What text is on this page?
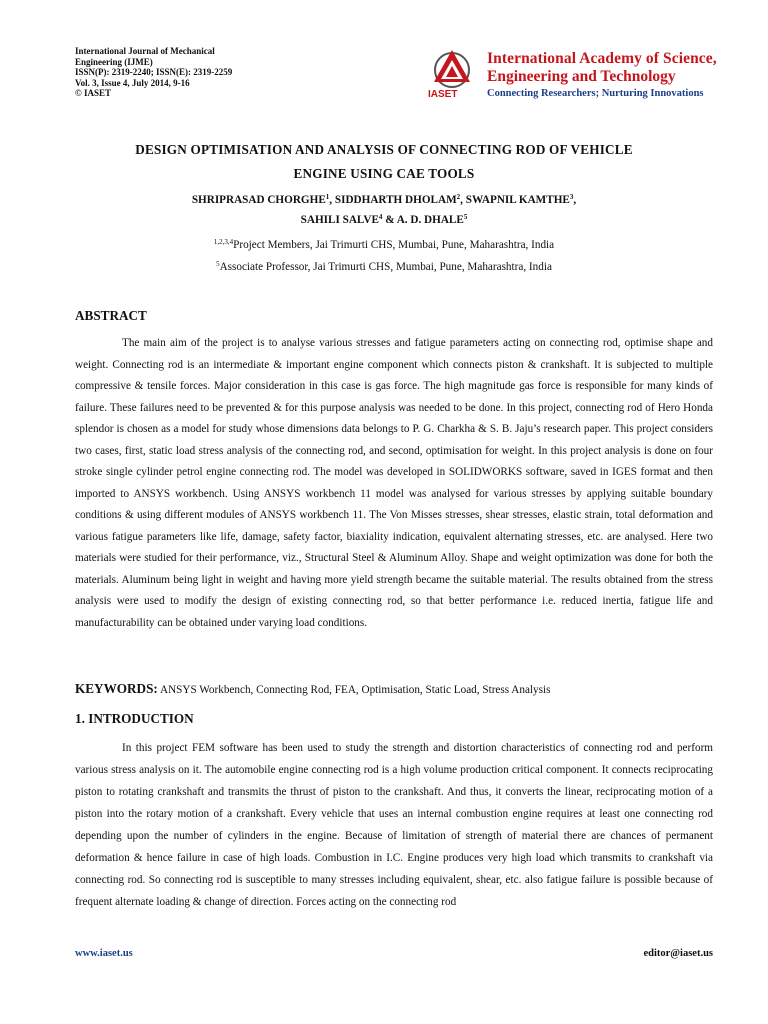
International Journal of Mechanical
Engineering (IJME)
ISSN(P): 2319-2240; ISSN(E): 2319-2259
Vol. 3, Issue 4, July 2014, 9-16
© IASET	IASET
International Academy of Science,
Engineering and Technology
Connecting Researchers; Nurturing Innovations
DESIGN OPTIMISATION AND ANALYSIS OF CONNECTING ROD OF VEHICLE
ENGINE USING CAE TOOLS
SHRIPRASAD CHORGHE$^1$, SIDDHARTH DHOLAM$^2$, SWAPNIL KAMTHE$^3$,
SAHILI SALVE$^4$ & A. D. DHALE$^5$
$^{1,2,3,4}$Project Members, Jai Trimurti CHS, Mumbai, Pune, Maharashtra, India
$^5$Associate Professor, Jai Trimurti CHS, Mumbai, Pune, Maharashtra, India
ABSTRACT

The main aim of the project is to analyse various stresses and fatigue parameters acting on connecting rod, optimise shape and weight. Connecting rod is an intermediate & important engine component which connects piston & crankshaft. It is subjected to multiple compressive & tensile forces. Major consideration in this case is gas force. The high magnitude gas force is responsible for many kinds of failure. These failures need to be prevented & for this purpose analysis was needed to be done. In this project, connecting rod of Hero Honda splendor is chosen as a model for study whose dimensions data belongs to P. G. Charkha & S. B. Jaju’s research paper. This project considers two cases, first, static load stress analysis of the connecting rod, and second, optimisation for weight. In this project analysis is done on four stroke single cylinder petrol engine connecting rod. The model was developed in SOLIDWORKS software, saved in IGES format and then imported to ANSYS workbench. Using ANSYS workbench 11 model was analysed for various stresses by applying suitable boundary conditions & using different modules of ANSYS workbench 11. The Von Misses stresses, shear stresses, elastic strain, total deformation and various fatigue parameters like life, damage, safety factor, biaxiality indication, equivalent alternating stresses, etc. are analysed. Here two materials were studied for their performance, viz., Structural Steel & Aluminum Alloy. Shape and weight optimization was done for both the materials. Aluminum being light in weight and having more yield strength became the suitable material. The results obtained from the stress analysis were used to modify the design of existing connecting rod, so that better performance i.e. reduced inertia, fatigue life and manufacturability can be obtained under varying load conditions.

KEYWORDS: ANSYS Workbench, Connecting Rod, FEA, Optimisation, Static Load, Stress Analysis
1. INTRODUCTION

In this project FEM software has been used to study the strength and distortion characteristics of connecting rod and perform various stress analysis on it. The automobile engine connecting rod is a high volume production critical component. It connects reciprocating piston to rotating crankshaft and transmits the thrust of piston to the crankshaft. And thus, it converts the linear, reciprocating motion of a piston into the rotary motion of a crankshaft. Every vehicle that uses an internal combustion engine requires at least one connecting rod depending upon the number of cylinders in the engine. Because of limitation of strength of material there are chances of permanent deformation & hence failure in case of high loads. Combustion in I.C. Engine produces very high load which transmits to crankshaft via connecting rod. So connecting rod is susceptible to many stresses including equivalent, shear, etc. also fatigue failure is possible because of frequent alternate loading & change of direction. Forces acting on the connecting rod

www.iaset.us	editor@iaset.us
